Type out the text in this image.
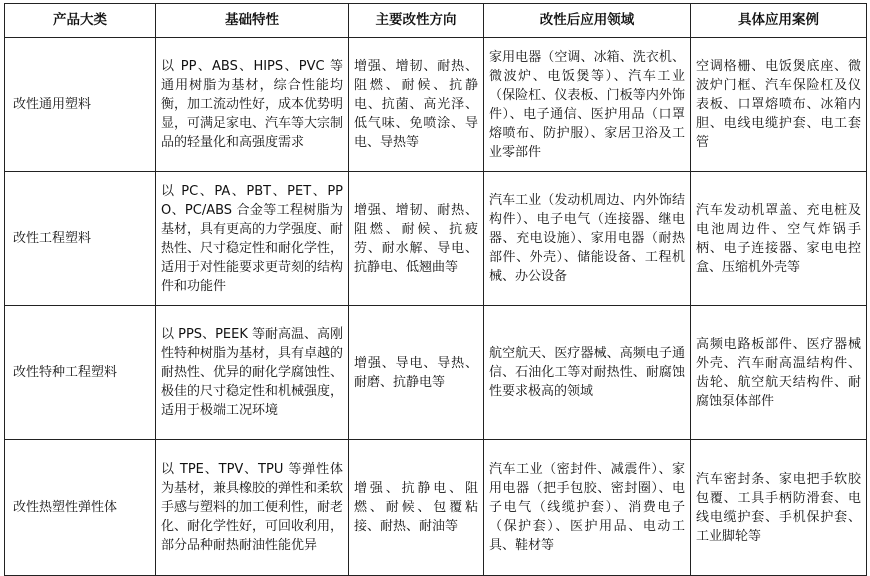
产品大类	基础特性	主要改性方向	改性后应用领域	具体应用案例
改性通用塑料	以 PP、ABS、HIPS、PVC 等通用树脂为基材，综合性能均衡，加工流动性好，成本优势明显，可满足家电、汽车等大宗制品的轻量化和高强度需求	增强、增韧、耐热、阻燃、耐候、抗静电、抗菌、高光泽、低气味、免喷涂、导电、导热等	家用电器（空调、冰箱、洗衣机、微波炉、电饭煲等）、汽车工业（保险杠、仪表板、门板等内外饰件）、电子通信、医护用品（口罩熔喷布、防护服）、家居卫浴及工业零部件	空调格栅、电饭煲底座、微波炉门框、汽车保险杠及仪表板、口罩熔喷布、冰箱内胆、电线电缆护套、电工套管
改性工程塑料	以 PC、PA、PBT、PET、PPO、PC/ABS 合金等工程树脂为基材，具有更高的力学强度、耐热性、尺寸稳定性和耐化学性，适用于对性能要求更苛刻的结构件和功能件	增强、增韧、耐热、阻燃、耐候、抗疲劳、耐水解、导电、抗静电、低翘曲等	汽车工业（发动机周边、内外饰结构件）、电子电气（连接器、继电器、充电设施）、家用电器（耐热部件、外壳）、储能设备、工程机械、办公设备	汽车发动机罩盖、充电桩及电池周边件、空气炸锅手柄、电子连接器、家电电控盒、压缩机外壳等
改性特种工程塑料	以 PPS、PEEK 等耐高温、高刚性特种树脂为基材，具有卓越的耐热性、优异的耐化学腐蚀性、极佳的尺寸稳定性和机械强度，适用于极端工况环境	增强、导电、导热、耐磨、抗静电等	航空航天、医疗器械、高频电子通信、石油化工等对耐热性、耐腐蚀性要求极高的领域	高频电路板部件、医疗器械外壳、汽车耐高温结构件、齿轮、航空航天结构件、耐腐蚀泵体部件
改性热塑性弹性体	以 TPE、TPV、TPU 等弹性体为基材，兼具橡胶的弹性和柔软手感与塑料的加工便利性，耐老化、耐化学性好，可回收利用，部分品种耐热耐油性能优异	增强、抗静电、阻燃、耐候、包覆粘接、耐热、耐油等	汽车工业（密封件、减震件）、家用电器（把手包胶、密封圈）、电子电气（线缆护套）、消费电子（保护套）、医护用品、电动工具、鞋材等	汽车密封条、家电把手软胶包覆、工具手柄防滑套、电线电缆护套、手机保护套、工业脚轮等
